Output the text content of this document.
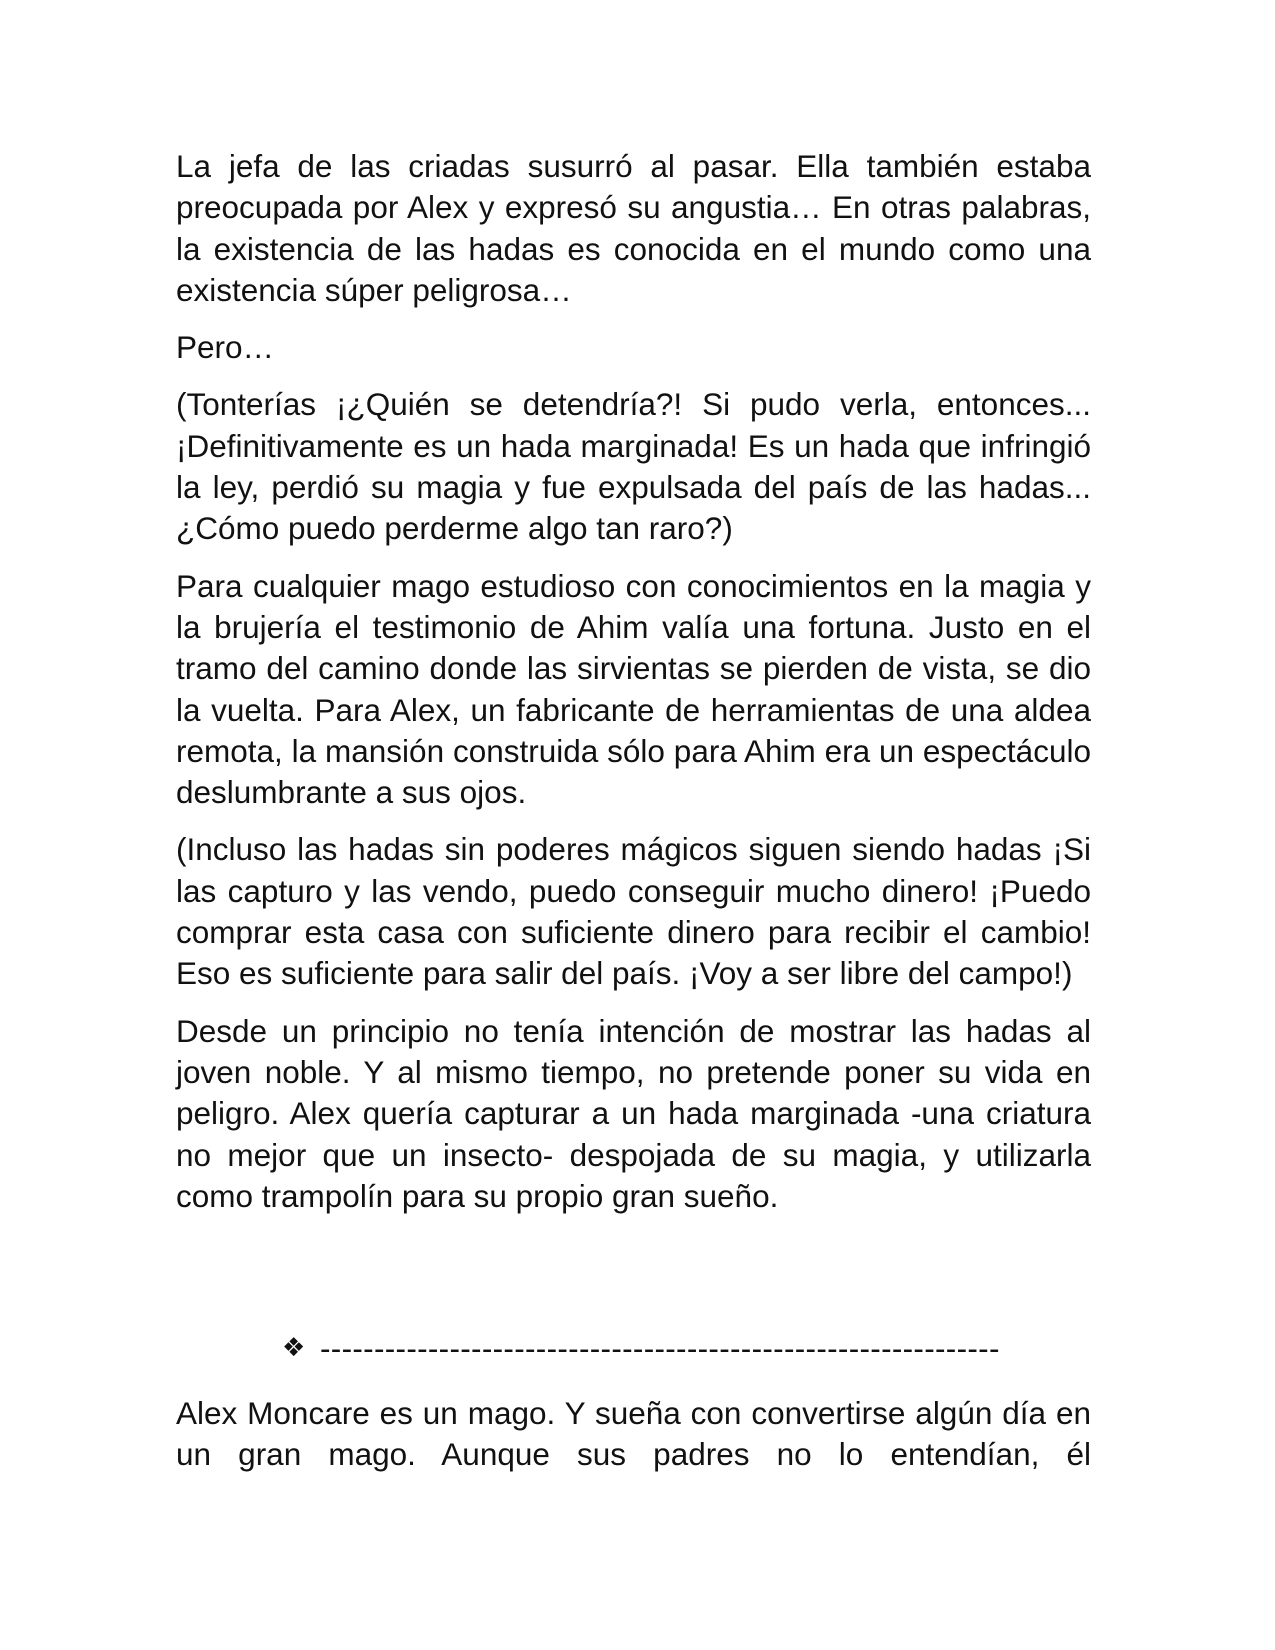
La jefa de las criadas susurró al pasar. Ella también estaba preocupada por Alex y expresó su angustia… En otras palabras, la existencia de las hadas es conocida en el mundo como una existencia súper peligrosa…

Pero…

(Tonterías ¡¿Quién se detendría?! Si pudo verla, entonces... ¡Definitivamente es un hada marginada! Es un hada que infringió la ley, perdió su magia y fue expulsada del país de las hadas... ¿Cómo puedo perderme algo tan raro?)

Para cualquier mago estudioso con conocimientos en la magia y la brujería el testimonio de Ahim valía una fortuna. Justo en el tramo del camino donde las sirvientas se pierden de vista, se dio la vuelta. Para Alex, un fabricante de herramientas de una aldea remota, la mansión construida sólo para Ahim era un espectáculo deslumbrante a sus ojos.

(Incluso las hadas sin poderes mágicos siguen siendo hadas ¡Si las capturo y las vendo, puedo conseguir mucho dinero! ¡Puedo comprar esta casa con suficiente dinero para recibir el cambio! Eso es suficiente para salir del país. ¡Voy a ser libre del campo!)

Desde un principio no tenía intención de mostrar las hadas al joven noble. Y al mismo tiempo, no pretende poner su vida en peligro. Alex quería capturar a un hada marginada -una criatura no mejor que un insecto- despojada de su magia, y utilizarla como trampolín para su propio gran sueño.

❖ ---------------------------------------------------------------

Alex Moncare es un mago. Y sueña con convertirse algún día en un gran mago. Aunque sus padres no lo entendían, él
